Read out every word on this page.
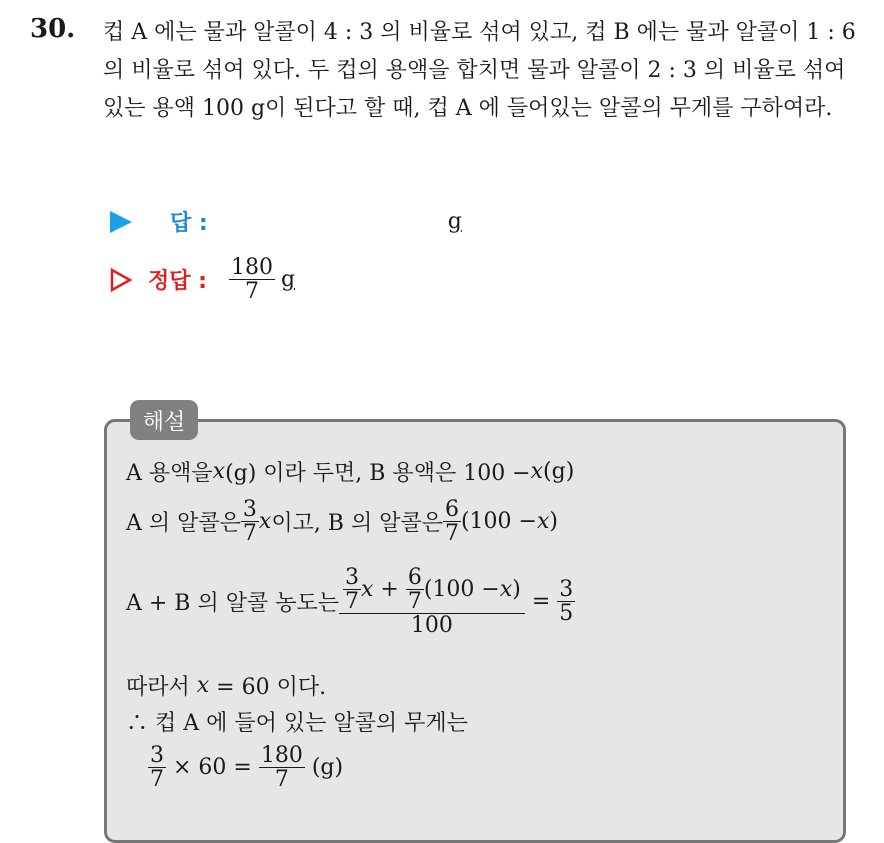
30. 컵 A 에는 물과 알콜이 4 : 3 의 비율로 섞여 있고, 컵 B 에는 물과 알콜이 1 : 6 의 비율로 섞여 있다. 두 컵의 용액을 합치면 물과 알콜이 2 : 3 의 비율로 섞여있는 용액 100 g이 된다고 할 때, 컵 A 에 들어있는 알콜의 무게를 구하여라.

답 :	g
정답 : $\frac{180}{7}$ g
해설
A 용액을 x (g) 이라 두면, B 용액은 100 − x (g)
A 의 알콜은 $\frac{3}{7}$ x 이고, B 의 알콜은 $\frac{6}{7} (100 - x$ )
A + B 의 알콜 농도는 $\frac{3}{7}$ $x + \frac{6}{7} (100 - x$ )
100
= $\frac{3}{5}$
따라서 x = 60 이다.
∴ 컵 A 에 들어 있는 알콜의 무게는
$\frac{3}{7} \times 60 = \frac{180}{7} (g)$
